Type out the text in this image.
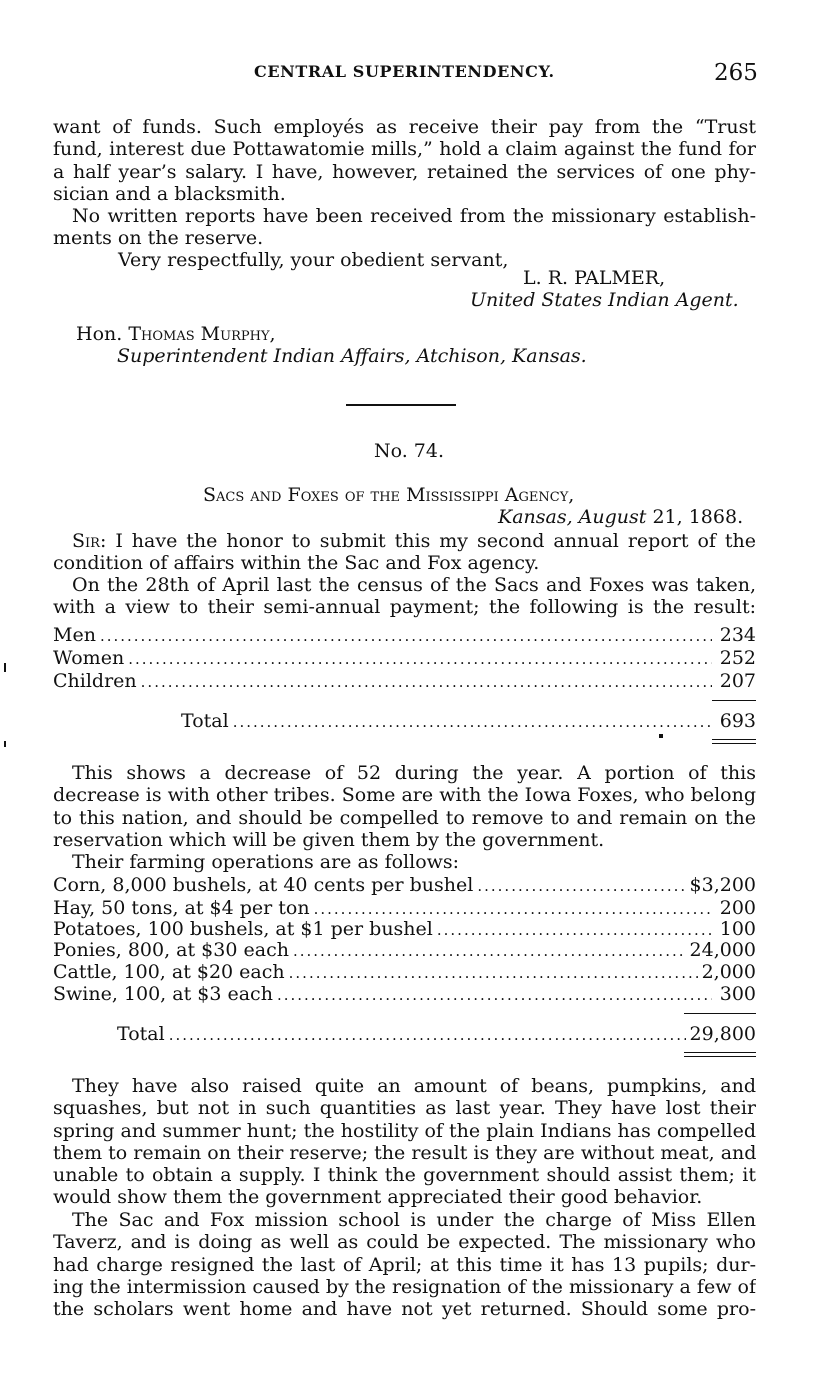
CENTRAL SUPERINTENDENCY.	265
want of funds. Such employés as receive their pay from the “Trust
fund, interest due Pottawatomie mills,” hold a claim against the fund for
a half year’s salary. I have, however, retained the services of one phy-
sician and a blacksmith.
No written reports have been received from the missionary establish-
ments on the reserve.
Very respectfully, your obedient servant,
L. R. PALMER,
United States Indian Agent.
Hon. Thomas Murphy,
Superintendent Indian Affairs, Atchison, Kansas.
No. 74.
Sacs and Foxes of the Mississippi Agency,
Kansas, August 21, 1868.
Sir: I have the honor to submit this my second annual report of the
condition of affairs within the Sac and Fox agency.
On the 28th of April last the census of the Sacs and Foxes was taken,
with a view to their semi-annual payment; the following is the result:
Men .....	234
Women .....	252
Children .....	207
Total .....	693
This shows a decrease of 52 during the year. A portion of this
decrease is with other tribes. Some are with the Iowa Foxes, who belong
to this nation, and should be compelled to remove to and remain on the
reservation which will be given them by the government.
Their farming operations are as follows:
Corn, 8,000 bushels, at 40 cents per bushel .....	$3,200
Hay, 50 tons, at $4 per ton .....	200
Potatoes, 100 bushels, at $1 per bushel .....	100
Ponies, 800, at $30 each .....	24,000
Cattle, 100, at $20 each .....	2,000
Swine, 100, at $3 each .....	300
Total .....	29,800
They have also raised quite an amount of beans, pumpkins, and
squashes, but not in such quantities as last year. They have lost their
spring and summer hunt; the hostility of the plain Indians has compelled
them to remain on their reserve; the result is they are without meat, and
unable to obtain a supply. I think the government should assist them; it
would show them the government appreciated their good behavior.
The Sac and Fox mission school is under the charge of Miss Ellen
Taverz, and is doing as well as could be expected. The missionary who
had charge resigned the last of April; at this time it has 13 pupils; dur-
ing the intermission caused by the resignation of the missionary a few of
the scholars went home and have not yet returned. Should some pro-
